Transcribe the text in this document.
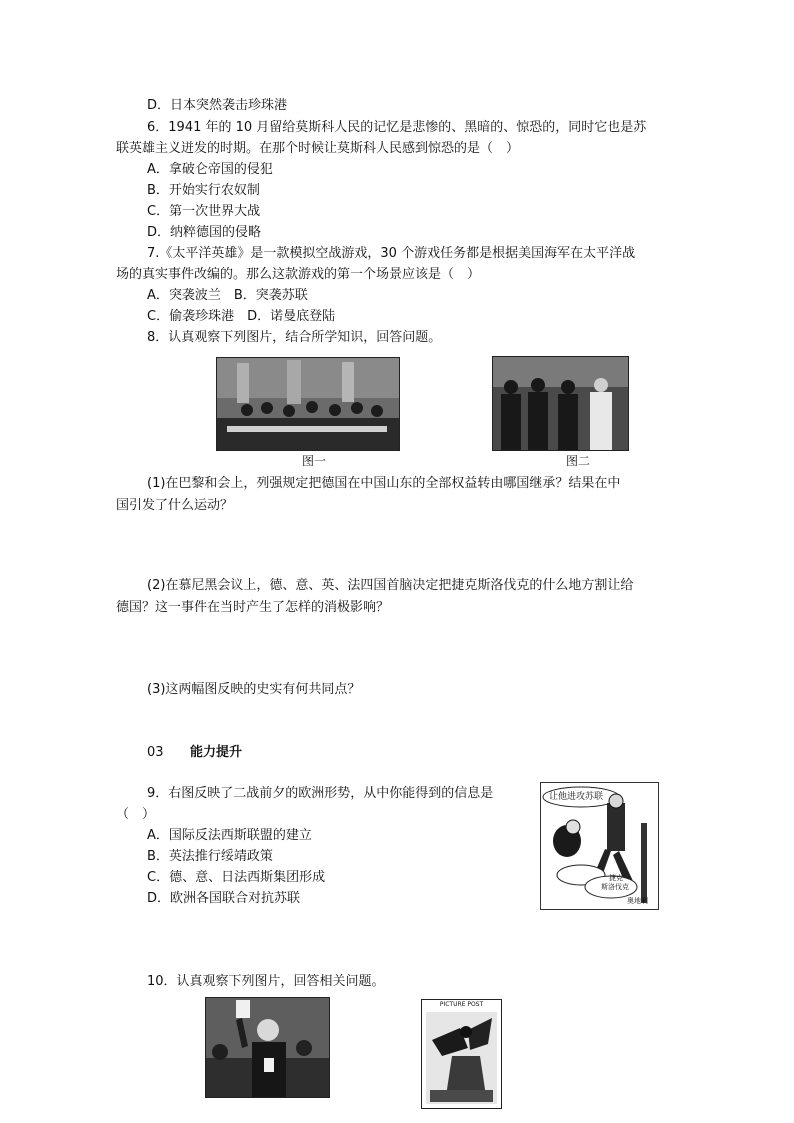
D．日本突然袭击珍珠港
6．1941 年的 10 月留给莫斯科人民的记忆是悲惨的、黑暗的、惊恐的，同时它也是苏
联英雄主义迸发的时期。在那个时候让莫斯科人民感到惊恐的是（　）
A．拿破仑帝国的侵犯
B．开始实行农奴制
C．第一次世界大战
D．纳粹德国的侵略
7.《太平洋英雄》是一款模拟空战游戏，30 个游戏任务都是根据美国海军在太平洋战
场的真实事件改编的。那么这款游戏的第一个场景应该是（　）
A．突袭波兰　B．突袭苏联
C．偷袭珍珠港　D．诺曼底登陆
8．认真观察下列图片，结合所学知识，回答问题。
图一	图二
(1)在巴黎和会上，列强规定把德国在中国山东的全部权益转由哪国继承？结果在中
国引发了什么运动？
(2)在慕尼黑会议上，德、意、英、法四国首脑决定把捷克斯洛伐克的什么地方割让给
德国？这一事件在当时产生了怎样的消极影响？
(3)这两幅图反映的史实有何共同点？
03 能力提升
9．右图反映了二战前夕的欧洲形势，从中你能得到的信息是
（　）
A．国际反法西斯联盟的建立
B．英法推行绥靖政策
C．德、意、日法西斯集团形成
D．欧洲各国联合对抗苏联
让他进攻苏联
捷克
斯洛伐克
奥地利
10．认真观察下列图片，回答相关问题。
PICTURE POST
